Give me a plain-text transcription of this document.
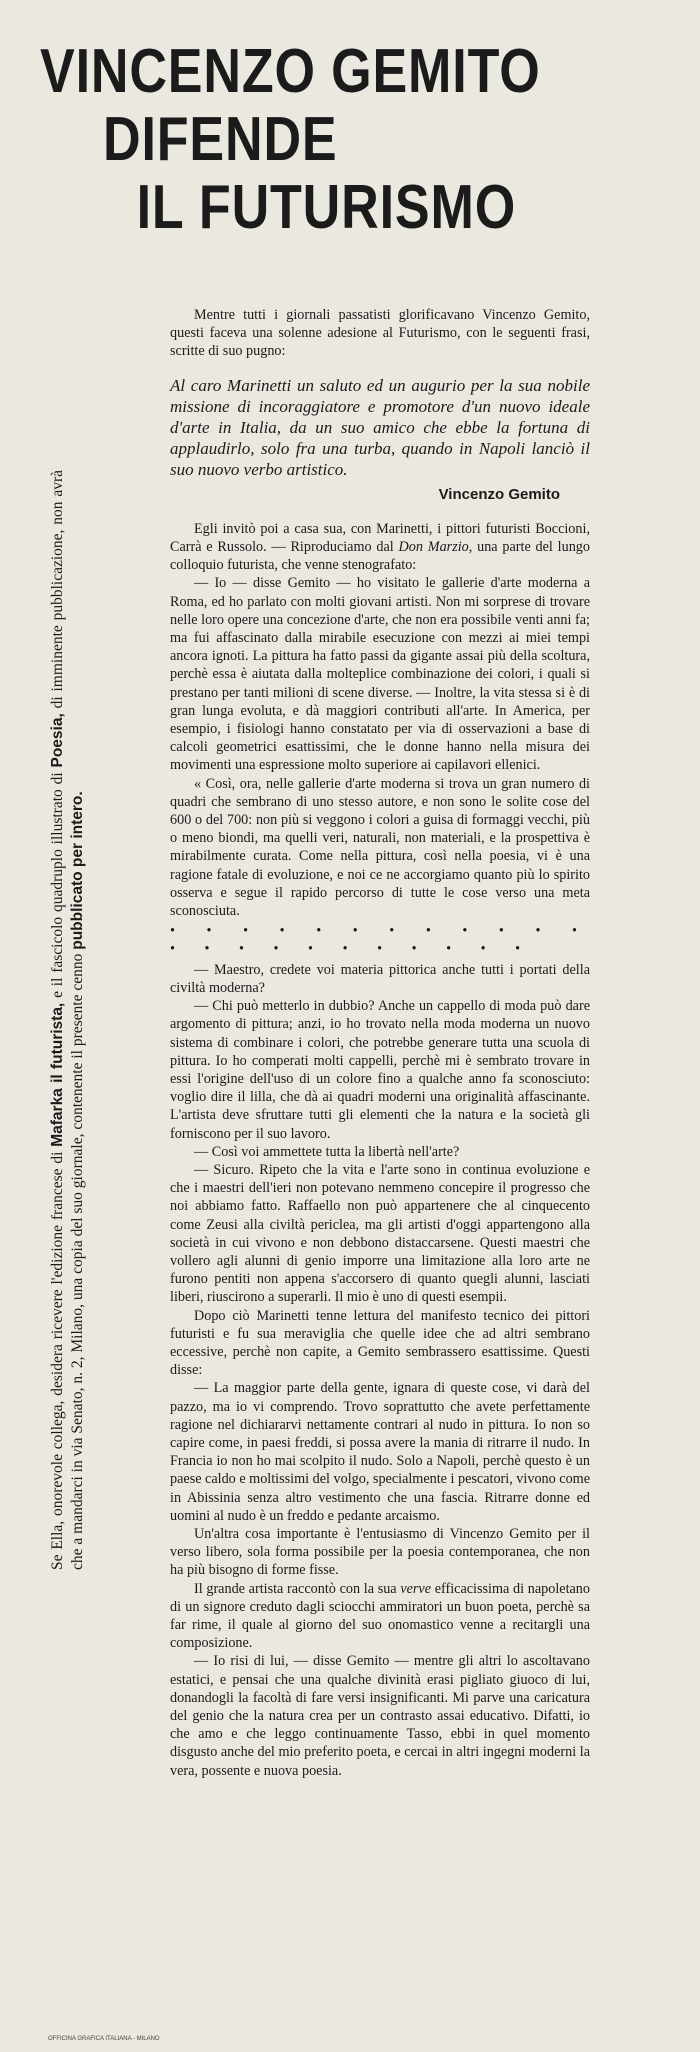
VINCENZO GEMITO
DIFENDE
IL FUTURISMO
Se Ella, onorevole collega, desidera ricevere l'edizione francese di Mafarka il futurista, e il fascicolo quadruplo illustrato di Poesia, di imminente pubblicazione, non avrà che a mandarci in via Senato, n. 2, Milano, una copia del suo giornale, contenente il presente cenno pubblicato per intero.

Mentre tutti i giornali passatisti glorificavano Vincenzo Gemito, questi faceva una solenne adesione al Futurismo, con le seguenti frasi, scritte di suo pugno:

Al caro Marinetti un saluto ed un augurio per la sua nobile missione di incoraggiatore e promotore d'un nuovo ideale d'arte in Italia, da un suo amico che ebbe la fortuna di applaudirlo, solo fra una turba, quando in Napoli lanciò il suo nuovo verbo artistico.

Vincenzo Gemito

Egli invitò poi a casa sua, con Marinetti, i pittori futuristi Boccioni, Carrà e Russolo. — Riproduciamo dal Don Marzio, una parte del lungo colloquio futurista, che venne stenografato:

— Io — disse Gemito — ho visitato le gallerie d'arte moderna a Roma, ed ho parlato con molti giovani artisti. Non mi sorprese di trovare nelle loro opere una concezione d'arte, che non era possibile venti anni fa; ma fui affascinato dalla mirabile esecuzione con mezzi ai miei tempi ancora ignoti. La pittura ha fatto passi da gigante assai più della scoltura, perchè essa è aiutata dalla molteplice combinazione dei colori, i quali si prestano per tanti milioni di scene diverse. — Inoltre, la vita stessa si è di gran lunga evoluta, e dà maggiori contributi all'arte. In America, per esempio, i fisiologi hanno constatato per via di osservazioni a base di calcoli geometrici esattissimi, che le donne hanno nella misura dei movimenti una espressione molto superiore ai capilavori ellenici.

« Così, ora, nelle gallerie d'arte moderna si trova un gran numero di quadri che sembrano di uno stesso autore, e non sono le solite cose del 600 o del 700: non più si veggono i colori a guisa di formaggi vecchi, più o meno biondi, ma quelli veri, naturali, non materiali, e la prospettiva è mirabilmente curata. Come nella pittura, così nella poesia, vi è una ragione fatale di evoluzione, e noi ce ne accorgiamo quanto più lo spirito osserva e segue il rapido percorso di tutte le cose verso una meta sconosciuta.

• • • • • • • • • • • • • • • • • • • • • • •

— Maestro, credete voi materia pittorica anche tutti i portati della civiltà moderna?

— Chi può metterlo in dubbio? Anche un cappello di moda può dare argomento di pittura; anzi, io ho trovato nella moda moderna un nuovo sistema di combinare i colori, che potrebbe generare tutta una scuola di pittura. Io ho comperati molti cappelli, perchè mi è sembrato trovare in essi l'origine dell'uso di un colore fino a qualche anno fa sconosciuto: voglio dire il lilla, che dà ai quadri moderni una originalità affascinante. L'artista deve sfruttare tutti gli elementi che la natura e la società gli forniscono per il suo lavoro.

— Così voi ammettete tutta la libertà nell'arte?

— Sicuro. Ripeto che la vita e l'arte sono in continua evoluzione e che i maestri dell'ieri non potevano nemmeno concepire il progresso che noi abbiamo fatto. Raffaello non può appartenere che al cinquecento come Zeusi alla civiltà periclea, ma gli artisti d'oggi appartengono alla società in cui vivono e non debbono distaccarsene. Questi maestri che vollero agli alunni di genio imporre una limitazione alla loro arte ne furono pentiti non appena s'accorsero di quanto quegli alunni, lasciati liberi, riuscirono a superarli. Il mio è uno di questi esempii.

Dopo ciò Marinetti tenne lettura del manifesto tecnico dei pittori futuristi e fu sua meraviglia che quelle idee che ad altri sembrano eccessive, perchè non capite, a Gemito sembrassero esattissime. Questi disse:

— La maggior parte della gente, ignara di queste cose, vi darà del pazzo, ma io vi comprendo. Trovo soprattutto che avete perfettamente ragione nel dichiararvi nettamente contrari al nudo in pittura. Io non so capire come, in paesi freddi, si possa avere la mania di ritrarre il nudo. In Francia io non ho mai scolpito il nudo. Solo a Napoli, perchè questo è un paese caldo e moltissimi del volgo, specialmente i pescatori, vivono come in Abissinia senza altro vestimento che una fascia. Ritrarre donne ed uomini al nudo è un freddo e pedante arcaismo.

Un'altra cosa importante è l'entusiasmo di Vincenzo Gemito per il verso libero, sola forma possibile per la poesia contemporanea, che non ha più bisogno di forme fisse.

Il grande artista raccontò con la sua verve efficacissima di napoletano di un signore creduto dagli sciocchi ammiratori un buon poeta, perchè sa far rime, il quale al giorno del suo onomastico venne a recitargli una composizione.

— Io risi di lui, — disse Gemito — mentre gli altri lo ascoltavano estatici, e pensai che una qualche divinità erasi pigliato giuoco di lui, donandogli la facoltà di fare versi insignificanti. Mi parve una caricatura del genio che la natura crea per un contrasto assai educativo. Difatti, io che amo e che leggo continuamente Tasso, ebbi in quel momento disgusto anche del mio preferito poeta, e cercai in altri ingegni moderni la vera, possente e nuova poesia.

OFFICINA GRAFICA ITALIANA - MILANO
